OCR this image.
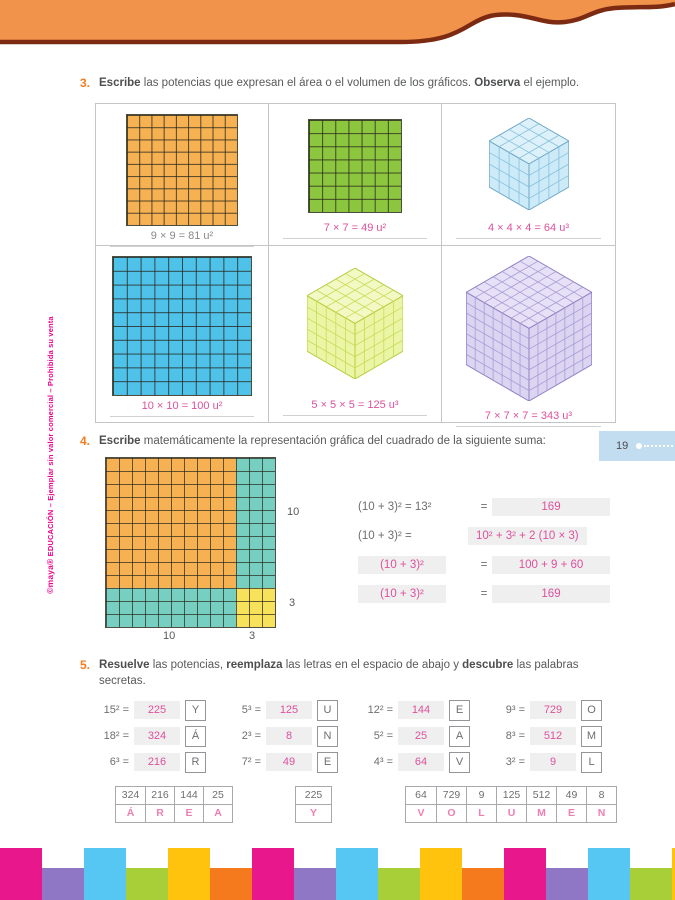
©maya® EDUCACIÓN – Ejemplar sin valor comercial – Prohibida su venta
3. Escribe las potencias que expresan el área o el volumen de los gráficos. Observa el ejemplo.

9 × 9 = 81 u²
7 × 7 = 49 u²	4 × 4 × 4 = 64 u³
10 × 10 = 100 u²	5 × 5 × 5 = 125 u³
7 × 7 × 7 = 343 u³
4. Escribe matemáticamente la representación gráfica del cuadrado de la siguiente suma:	19
10
3
10	3
(10 + 3)² = 13²	=	169
(10 + 3)² =	10² + 3² + 2 (10 × 3)
(10 + 3)²	=	100 + 9 + 60
(10 + 3)²	=	169
5. Resuelve las potencias, reemplaza las letras en el espacio de abajo y descubre las palabras secretas.

15² =	225	Y	5³ =	125	U	12² =	144	E	9³ =	729	O
18² =	324	Á	2³ =	8	N	5² =	25	A	8³ =	512	M
6³ =	216	R	7² =	49	E	4³ =	64	V	3² =	9	L
324	216	144	25
Á	R	E	A
225
Y
64	729	9	125	512	49	8
V	O	L	U	M	E	N
